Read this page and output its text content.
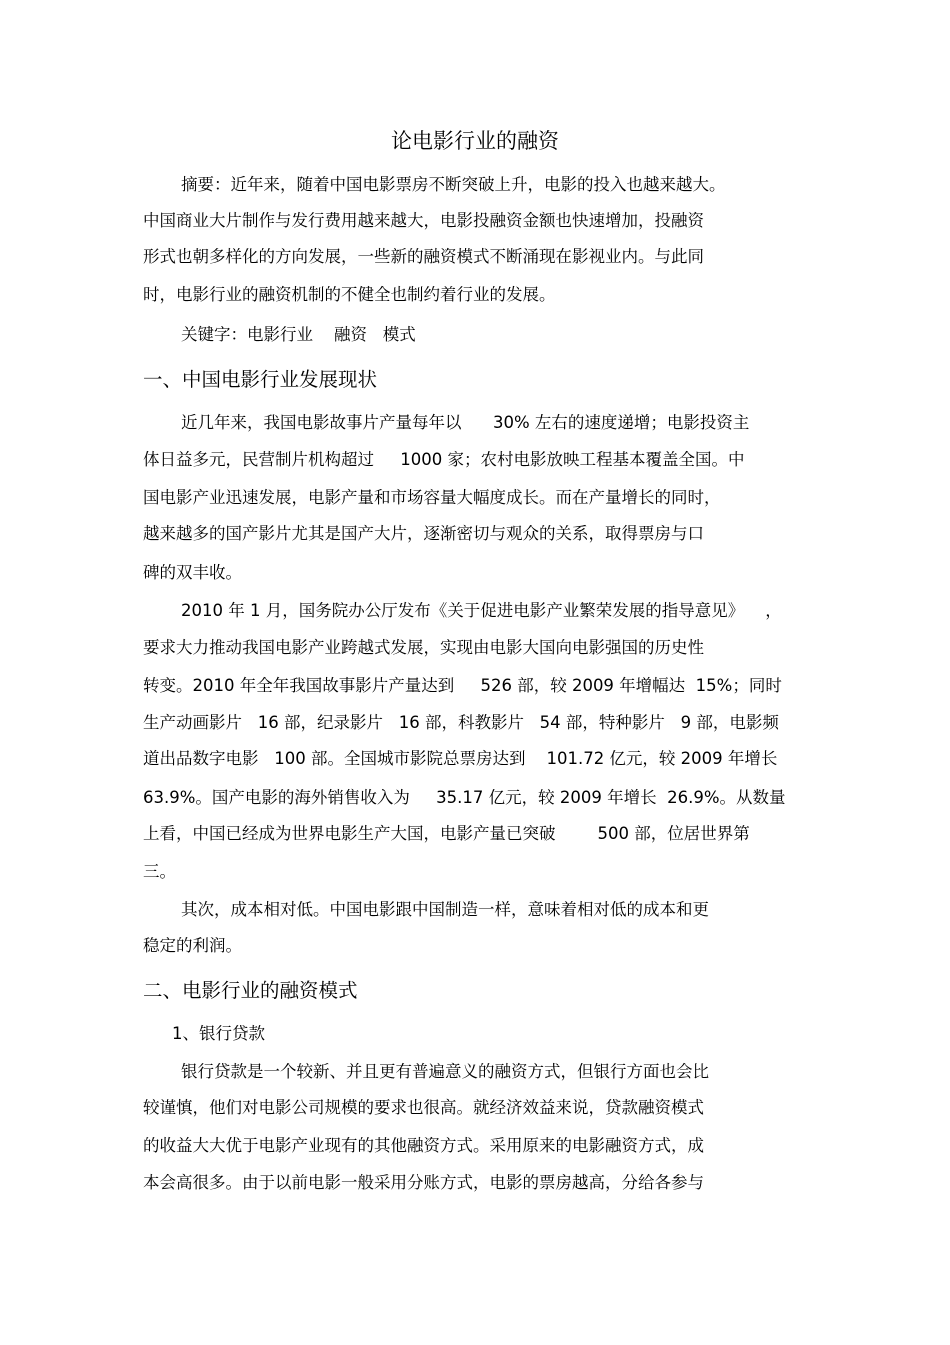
论电影行业的融资
摘要：近年来，随着中国电影票房不断突破上升，电影的投入也越来越大。
中国商业大片制作与发行费用越来越大，电影投融资金额也快速增加，投融资
形式也朝多样化的方向发展，一些新的融资模式不断涌现在影视业内。与此同
时，电影行业的融资机制的不健全也制约着行业的发展。
关键字：电影行业    融资   模式
一、中国电影行业发展现状
近几年来，我国电影故事片产量每年以      30% 左右的速度递增；电影投资主
体日益多元，民营制片机构超过     1000 家；农村电影放映工程基本覆盖全国。中
国电影产业迅速发展，电影产量和市场容量大幅度成长。而在产量增长的同时，
越来越多的国产影片尤其是国产大片，逐渐密切与观众的关系，取得票房与口
碑的双丰收。
2010 年 1 月，国务院办公厅发布《关于促进电影产业繁荣发展的指导意见》    ，
要求大力推动我国电影产业跨越式发展，实现由电影大国向电影强国的历史性
转变。2010 年全年我国故事影片产量达到     526 部，较 2009 年增幅达  15%；同时
生产动画影片   16 部，纪录影片   16 部，科教影片   54 部，特种影片   9 部，电影频
道出品数字电影   100 部。全国城市影院总票房达到    101.72 亿元，较 2009 年增长
63.9%。国产电影的海外销售收入为     35.17 亿元，较 2009 年增长  26.9%。从数量
上看，中国已经成为世界电影生产大国，电影产量已突破        500 部，位居世界第
三。
其次，成本相对低。中国电影跟中国制造一样，意味着相对低的成本和更
稳定的利润。
二、电影行业的融资模式
1、银行贷款
银行贷款是一个较新、并且更有普遍意义的融资方式，但银行方面也会比
较谨慎，他们对电影公司规模的要求也很高。就经济效益来说，贷款融资模式
的收益大大优于电影产业现有的其他融资方式。采用原来的电影融资方式，成
本会高很多。由于以前电影一般采用分账方式，电影的票房越高，分给各参与
